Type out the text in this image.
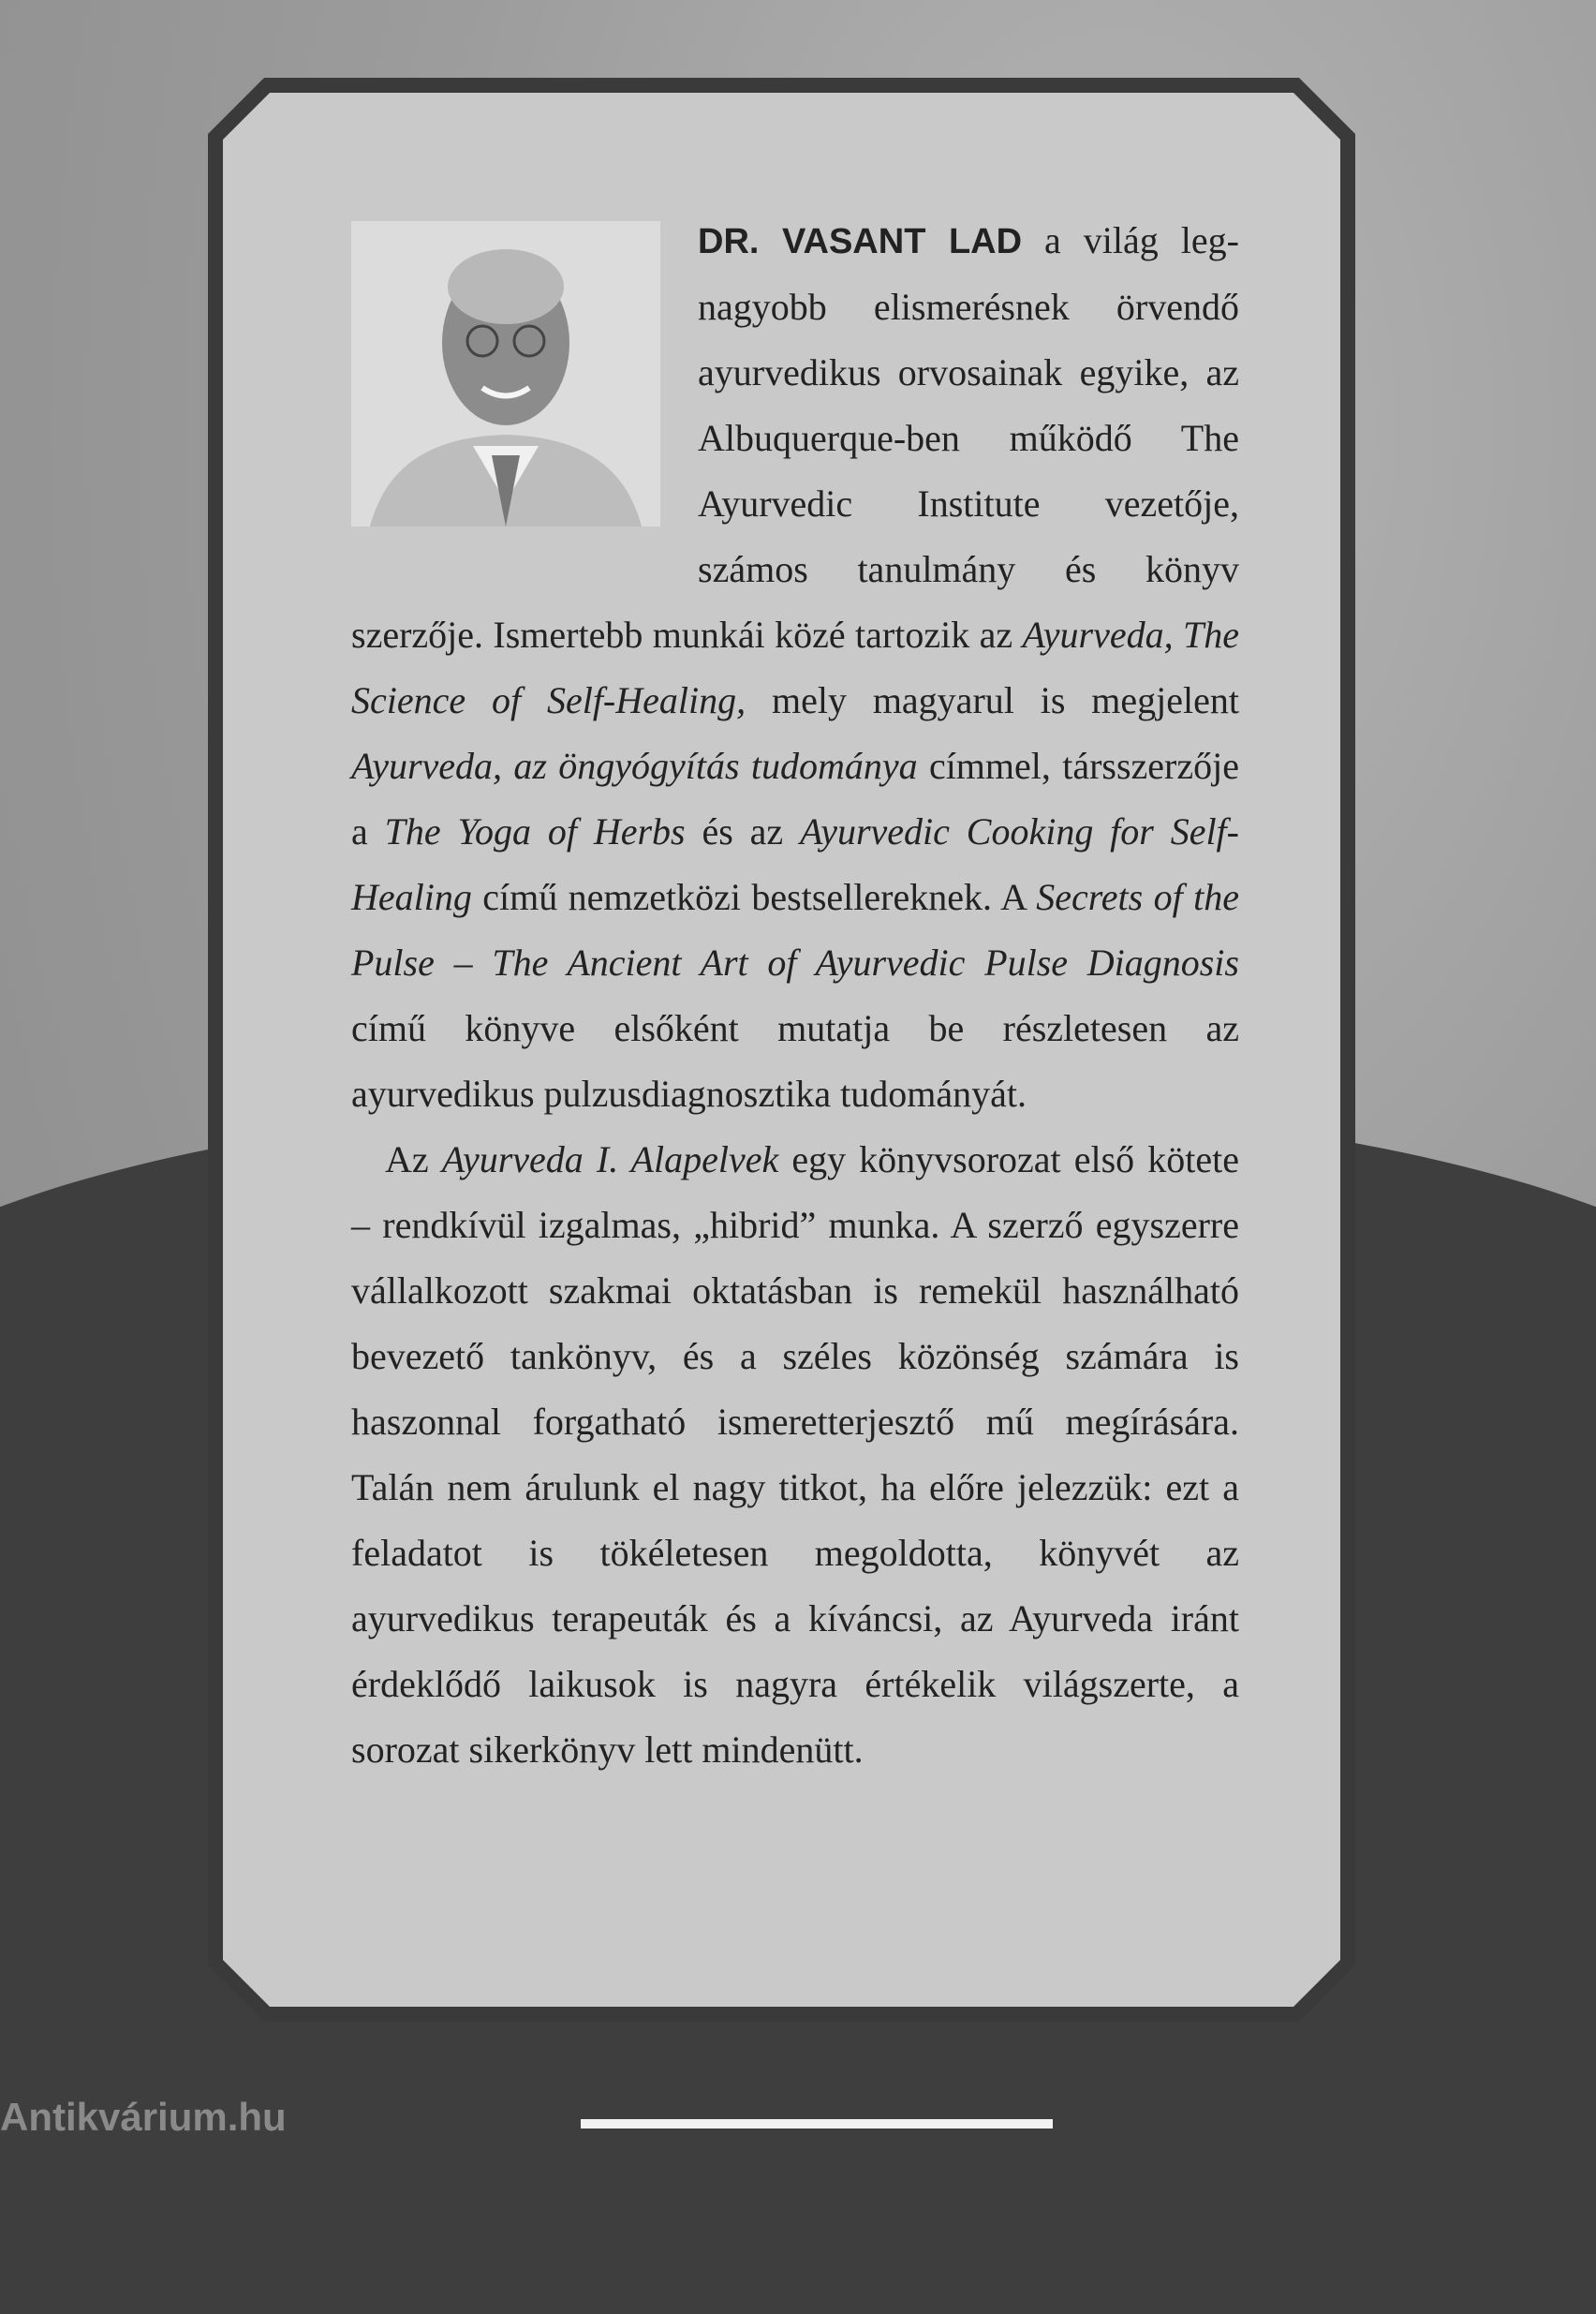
DR. VASANT LAD a világ legnagyobb elismerésnek örvendő ayurvedikus orvosainak egyike, az Albuquerque-ben működő The Ayurvedic Institute vezetője, számos tanulmány és könyv szerzője. Ismertebb munkái közé tartozik az Ayurveda, The Science of Self-Healing, mely magyarul is megjelent Ayurveda, az öngyógyítás tudománya címmel, társszerzője a The Yoga of Herbs és az Ayurvedic Cooking for Self-Healing című nemzetközi bestsellereknek. A Secrets of the Pulse – The Ancient Art of Ayurvedic Pulse Diagnosis című könyve elsőként mutatja be részletesen az ayurvedikus pulzusdiagnosztika tudományát.

Az Ayurveda I. Alapelvek egy könyvsorozat első kötete – rendkívül izgalmas, „hibrid” munka. A szerző egyszerre vállalkozott szakmai oktatásban is remekül használható bevezető tankönyv, és a széles közönség számára is haszonnal forgatható ismeretterjesztő mű megírására. Talán nem árulunk el nagy titkot, ha előre jelezzük: ezt a feladatot is tökéletesen megoldotta, könyvét az ayurvedikus terapeuták és a kíváncsi, az Ayurveda iránt érdeklődő laikusok is nagyra értékelik világszerte, a sorozat sikerkönyv lett mindenütt.

Antikvárium.hu
